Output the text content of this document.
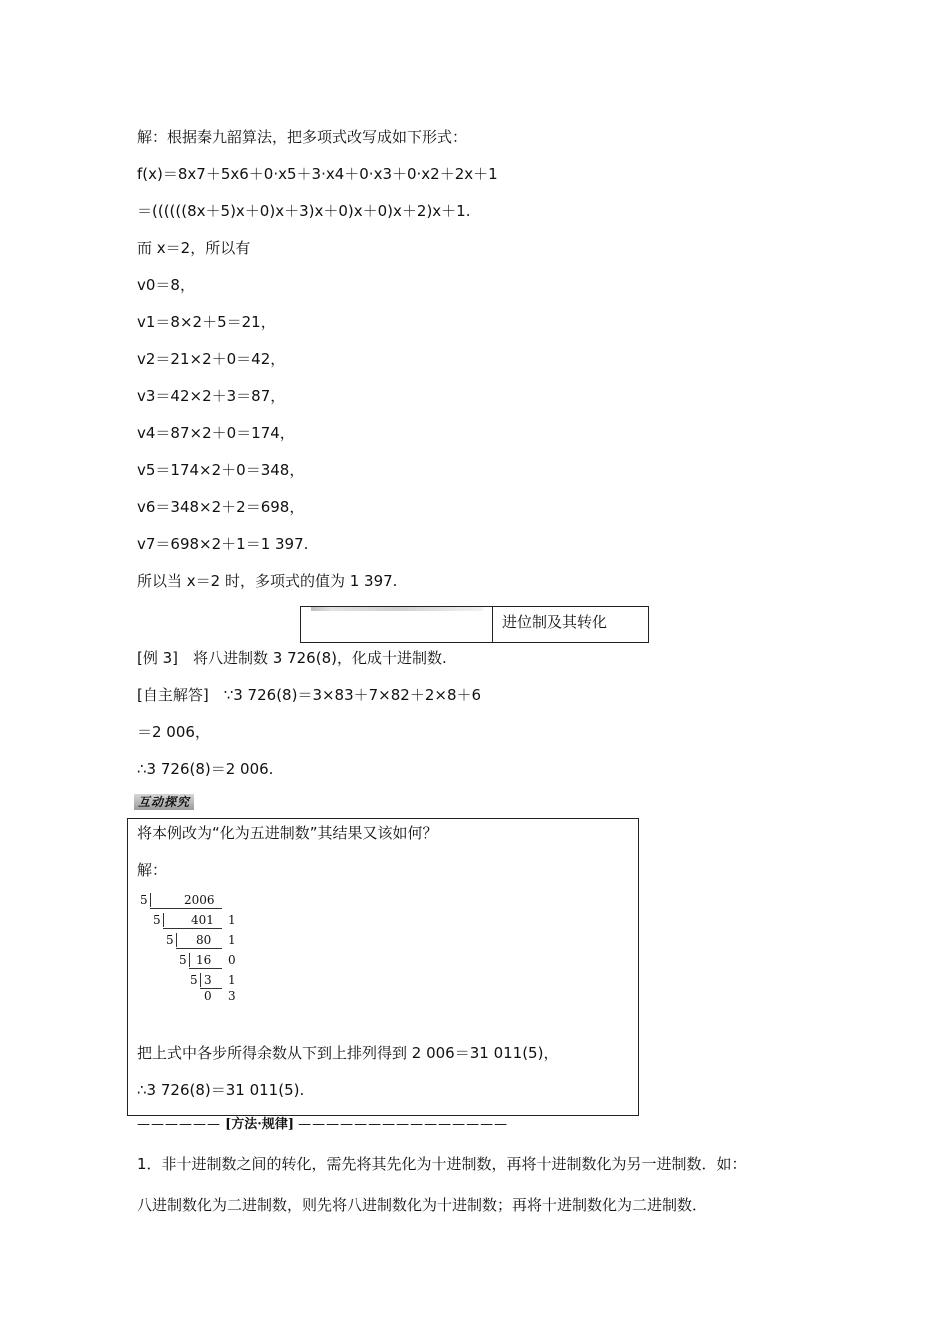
解：根据秦九韶算法，把多项式改写成如下形式：
f(x)＝8x7＋5x6＋0·x5＋3·x4＋0·x3＋0·x2＋2x＋1
＝((((((8x＋5)x＋0)x＋3)x＋0)x＋0)x＋2)x＋1.
而 x＝2，所以有
v0＝8，
v1＝8×2＋5＝21，
v2＝21×2＋0＝42，
v3＝42×2＋3＝87，
v4＝87×2＋0＝174，
v5＝174×2＋0＝348，
v6＝348×2＋2＝698，
v7＝698×2＋1＝1 397.
所以当 x＝2 时，多项式的值为 1 397.
进位制及其转化
[例 3]　将八进制数 3 726(8)，化成十进制数.
[自主解答]　∵3 726(8)＝3×83＋7×82＋2×8＋6
＝2 006，
∴3 726(8)＝2 006.
互动探究
将本例改为“化为五进制数”其结果又该如何？
解：
5	2006
5	401 1
5 80 1
5 16 0
5 3 1
0 3
把上式中各步所得余数从下到上排列得到 2 006＝31 011(5)，
∴3 726(8)＝31 011(5).
—————— [方法·规律] ———————————————
1．非十进制数之间的转化，需先将其先化为十进制数，再将十进制数化为另一进制数．如：
八进制数化为二进制数，则先将八进制数化为十进制数；再将十进制数化为二进制数．
